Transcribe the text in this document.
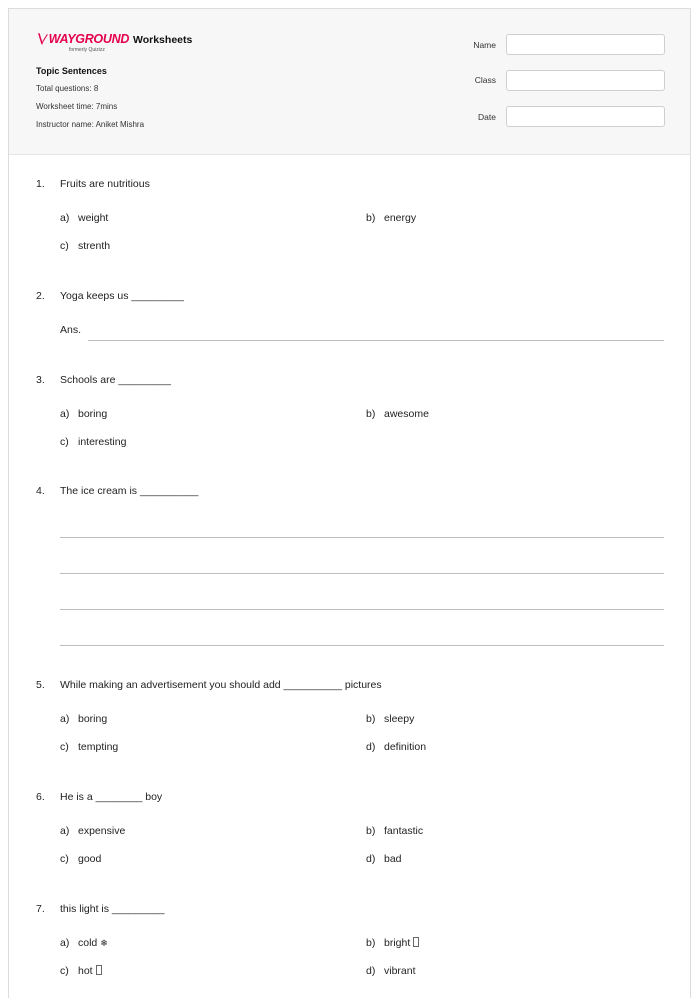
∖∕ WAYGROUND
formerly Quizizz
Worksheets
Topic Sentences
Total questions: 8
Worksheet time: 7mins
Instructor name: Aniket Mishra
Name
Class
Date
1. Fruits are nutritious
a) weight	b) energy
c) strenth
2. Yoga keeps us _________
Ans.
3. Schools are _________
a) boring	b) awesome
c) interesting
4. The ice cream is __________
5. While making an advertisement you should add __________ pictures
a) boring	b) sleepy
c) tempting	d) definition
6. He is a ________ boy
a) expensive	b) fantastic
c) good	d) bad
7. this light is _________
a) cold ❄	b) bright
c) hot	d) vibrant
